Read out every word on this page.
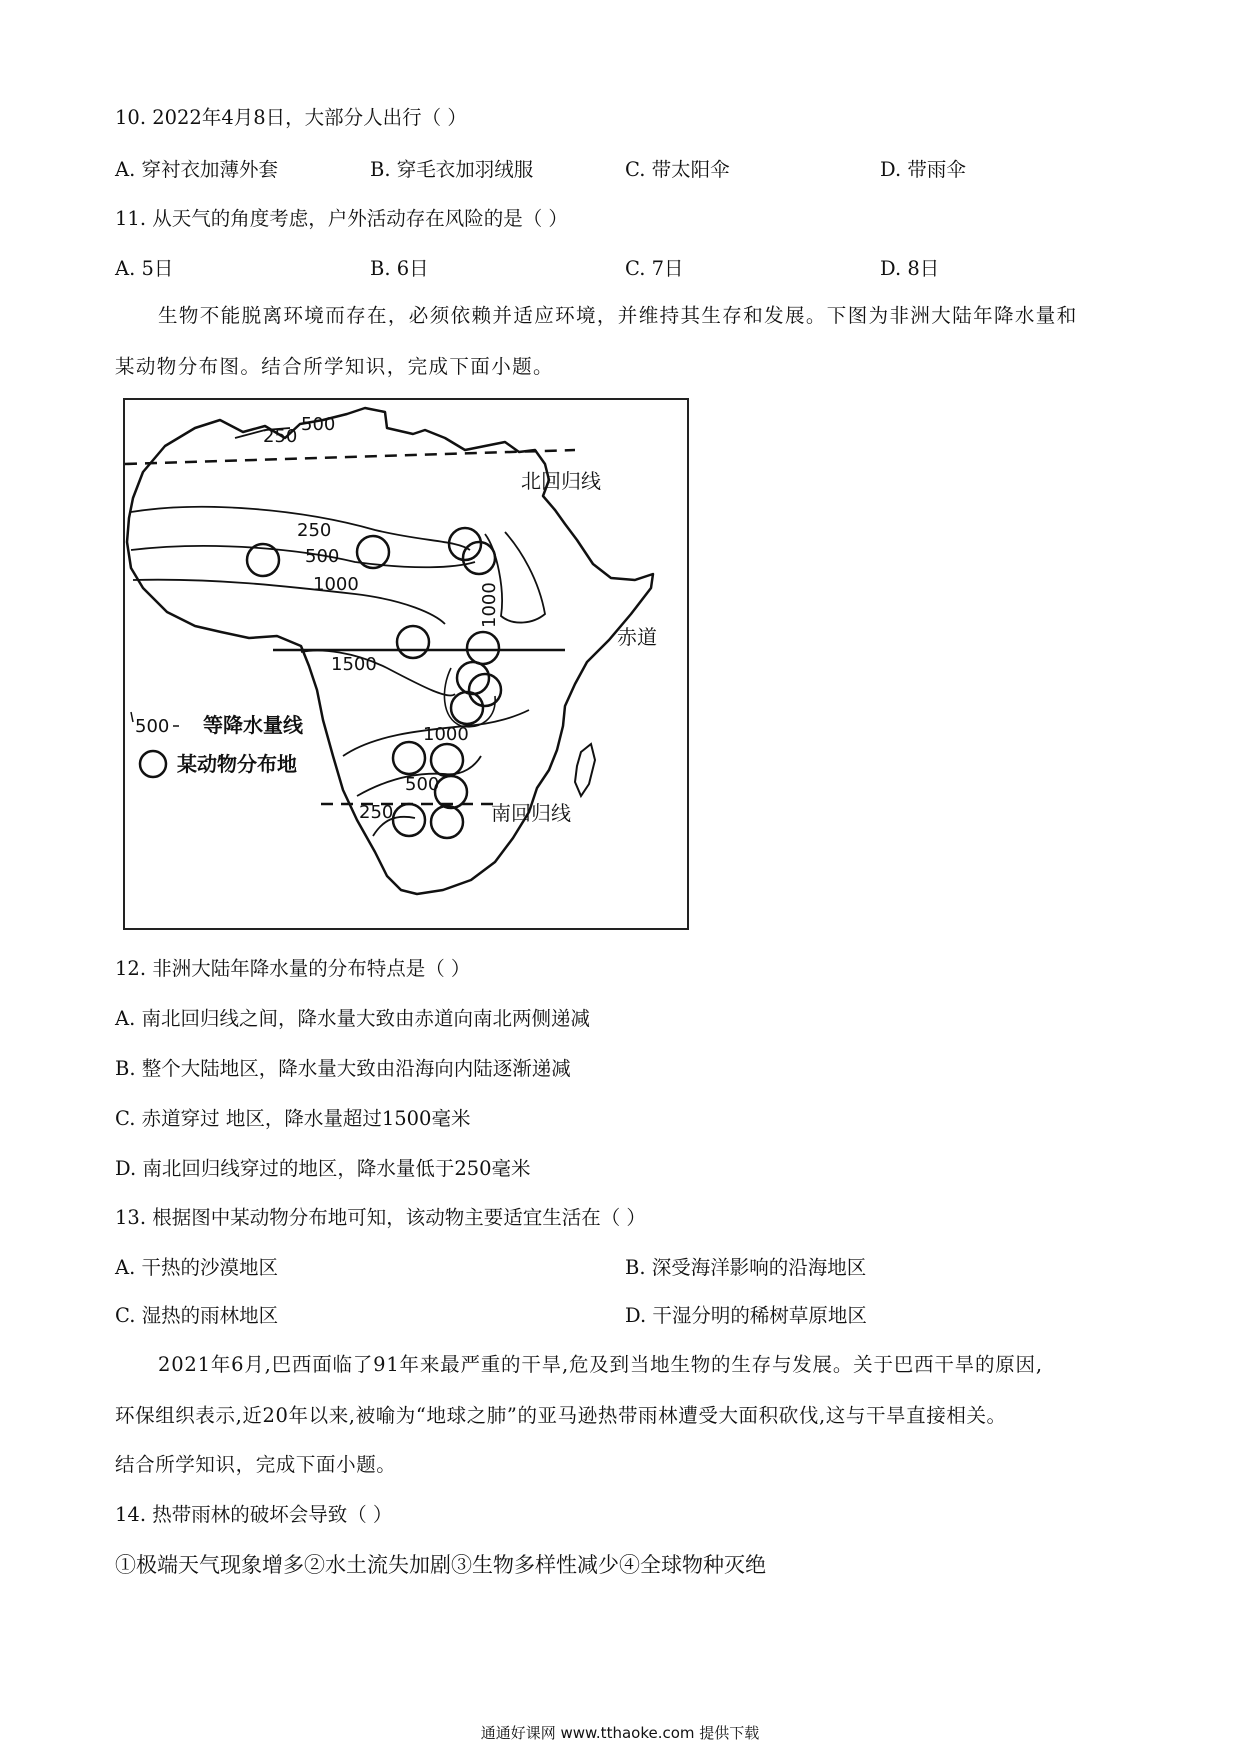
10. 2022年4月8日，大部分人出行（ ）
A. 穿衬衣加薄外套	B. 穿毛衣加羽绒服	C. 带太阳伞	D. 带雨伞
11. 从天气的角度考虑，户外活动存在风险的是（ ）
A. 5日	B. 6日	C. 7日	D. 8日
生物不能脱离环境而存在，必须依赖并适应环境，并维持其生存和发展。下图为非洲大陆年降水量和
某动物分布图。结合所学知识，完成下面小题。
500
250
北回归线
250
500
1000	1000
赤道
1500
1000
500
250	南回归线
500 等降水量线
某动物分布地
12. 非洲大陆年降水量的分布特点是（ ）
A. 南北回归线之间，降水量大致由赤道向南北两侧递减
B. 整个大陆地区，降水量大致由沿海向内陆逐渐递减
C. 赤道穿过 地区，降水量超过1500毫米
D. 南北回归线穿过的地区，降水量低于250毫米
13. 根据图中某动物分布地可知，该动物主要适宜生活在（ ）
A. 干热的沙漠地区	B. 深受海洋影响的沿海地区
C. 湿热的雨林地区	D. 干湿分明的稀树草原地区
2021年6月,巴西面临了91年来最严重的干旱,危及到当地生物的生存与发展。关于巴西干旱的原因,
环保组织表示,近20年以来,被喻为“地球之肺”的亚马逊热带雨林遭受大面积砍伐,这与干旱直接相关。
结合所学知识，完成下面小题。
14. 热带雨林的破坏会导致（ ）
①极端天气现象增多②水土流失加剧③生物多样性减少④全球物种灭绝
通通好课网 www.tthaoke.com 提供下载
